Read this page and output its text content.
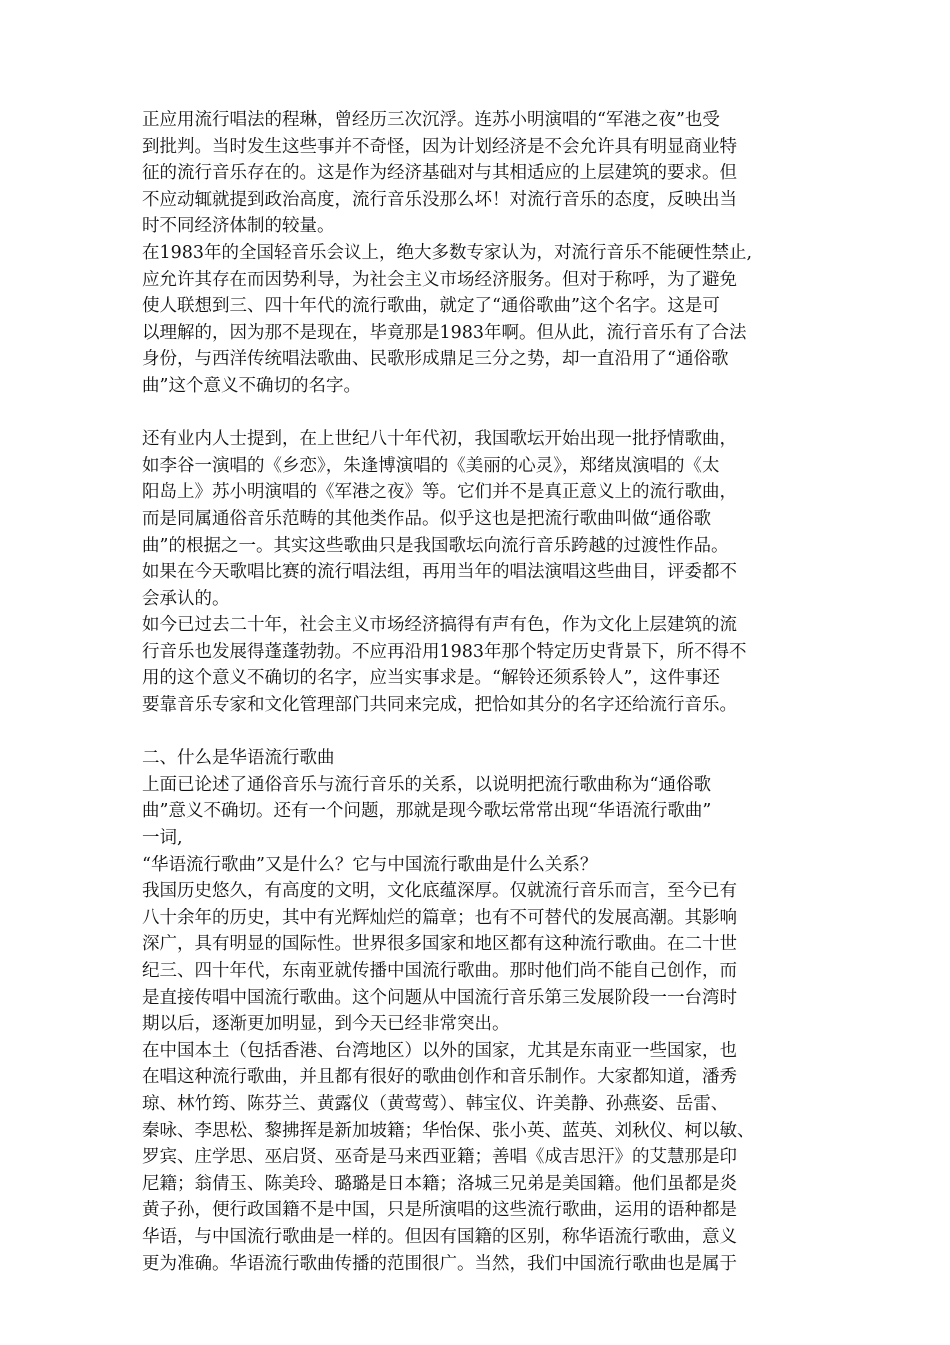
正应用流行唱法的程琳，曾经历三次沉浮。连苏小明演唱的“军港之夜”也受
到批判。当时发生这些事并不奇怪，因为计划经济是不会允许具有明显商业特
征的流行音乐存在的。这是作为经济基础对与其相适应的上层建筑的要求。但
不应动辄就提到政治高度，流行音乐没那么坏！对流行音乐的态度，反映出当
时不同经济体制的较量。
在1983年的全国轻音乐会议上，绝大多数专家认为，对流行音乐不能硬性禁止,
应允许其存在而因势利导，为社会主义市场经济服务。但对于称呼，为了避免
使人联想到三、四十年代的流行歌曲，就定了“通俗歌曲”这个名字。这是可
以理解的，因为那不是现在，毕竟那是1983年啊。但从此，流行音乐有了合法
身份，与西洋传统唱法歌曲、民歌形成鼎足三分之势，却一直沿用了“通俗歌
曲”这个意义不确切的名字。
还有业内人士提到，在上世纪八十年代初，我国歌坛开始出现一批抒情歌曲，
如李谷一演唱的《乡恋》，朱逢博演唱的《美丽的心灵》，郑绪岚演唱的《太
阳岛上》苏小明演唱的《军港之夜》等。它们并不是真正意义上的流行歌曲，
而是同属通俗音乐范畴的其他类作品。似乎这也是把流行歌曲叫做“通俗歌
曲”的根据之一。其实这些歌曲只是我国歌坛向流行音乐跨越的过渡性作品。
如果在今天歌唱比赛的流行唱法组，再用当年的唱法演唱这些曲目，评委都不
会承认的。
如今已过去二十年，社会主义市场经济搞得有声有色，作为文化上层建筑的流
行音乐也发展得蓬蓬勃勃。不应再沿用1983年那个特定历史背景下，所不得不
用的这个意义不确切的名字，应当实事求是。“解铃还须系铃人”，这件事还
要靠音乐专家和文化管理部门共同来完成，把恰如其分的名字还给流行音乐。
二、什么是华语流行歌曲
上面已论述了通俗音乐与流行音乐的关系，以说明把流行歌曲称为“通俗歌
曲”意义不确切。还有一个问题，那就是现今歌坛常常出现“华语流行歌曲”
一词,
“华语流行歌曲”又是什么？它与中国流行歌曲是什么关系？
我国历史悠久，有高度的文明，文化底蕴深厚。仅就流行音乐而言，至今已有
八十余年的历史，其中有光辉灿烂的篇章；也有不可替代的发展高潮。其影响
深广，具有明显的国际性。世界很多国家和地区都有这种流行歌曲。在二十世
纪三、四十年代，东南亚就传播中国流行歌曲。那时他们尚不能自己创作，而
是直接传唱中国流行歌曲。这个问题从中国流行音乐第三发展阶段一一台湾时
期以后，逐渐更加明显，到今天已经非常突出。
在中国本土（包括香港、台湾地区）以外的国家，尤其是东南亚一些国家，也
在唱这种流行歌曲，并且都有很好的歌曲创作和音乐制作。大家都知道，潘秀
琼、林竹筠、陈芬兰、黄露仪（黄莺莺）、韩宝仪、许美静、孙燕姿、岳雷、
秦咏、李思松、黎拂挥是新加坡籍；华怡保、张小英、蓝英、刘秋仪、柯以敏、
罗宾、庄学思、巫启贤、巫奇是马来西亚籍；善唱《成吉思汗》的艾慧那是印
尼籍；翁倩玉、陈美玲、璐璐是日本籍；洛城三兄弟是美国籍。他们虽都是炎
黄子孙，便行政国籍不是中国，只是所演唱的这些流行歌曲，运用的语种都是
华语，与中国流行歌曲是一样的。但因有国籍的区别，称华语流行歌曲，意义
更为准确。华语流行歌曲传播的范围很广。当然，我们中国流行歌曲也是属于
